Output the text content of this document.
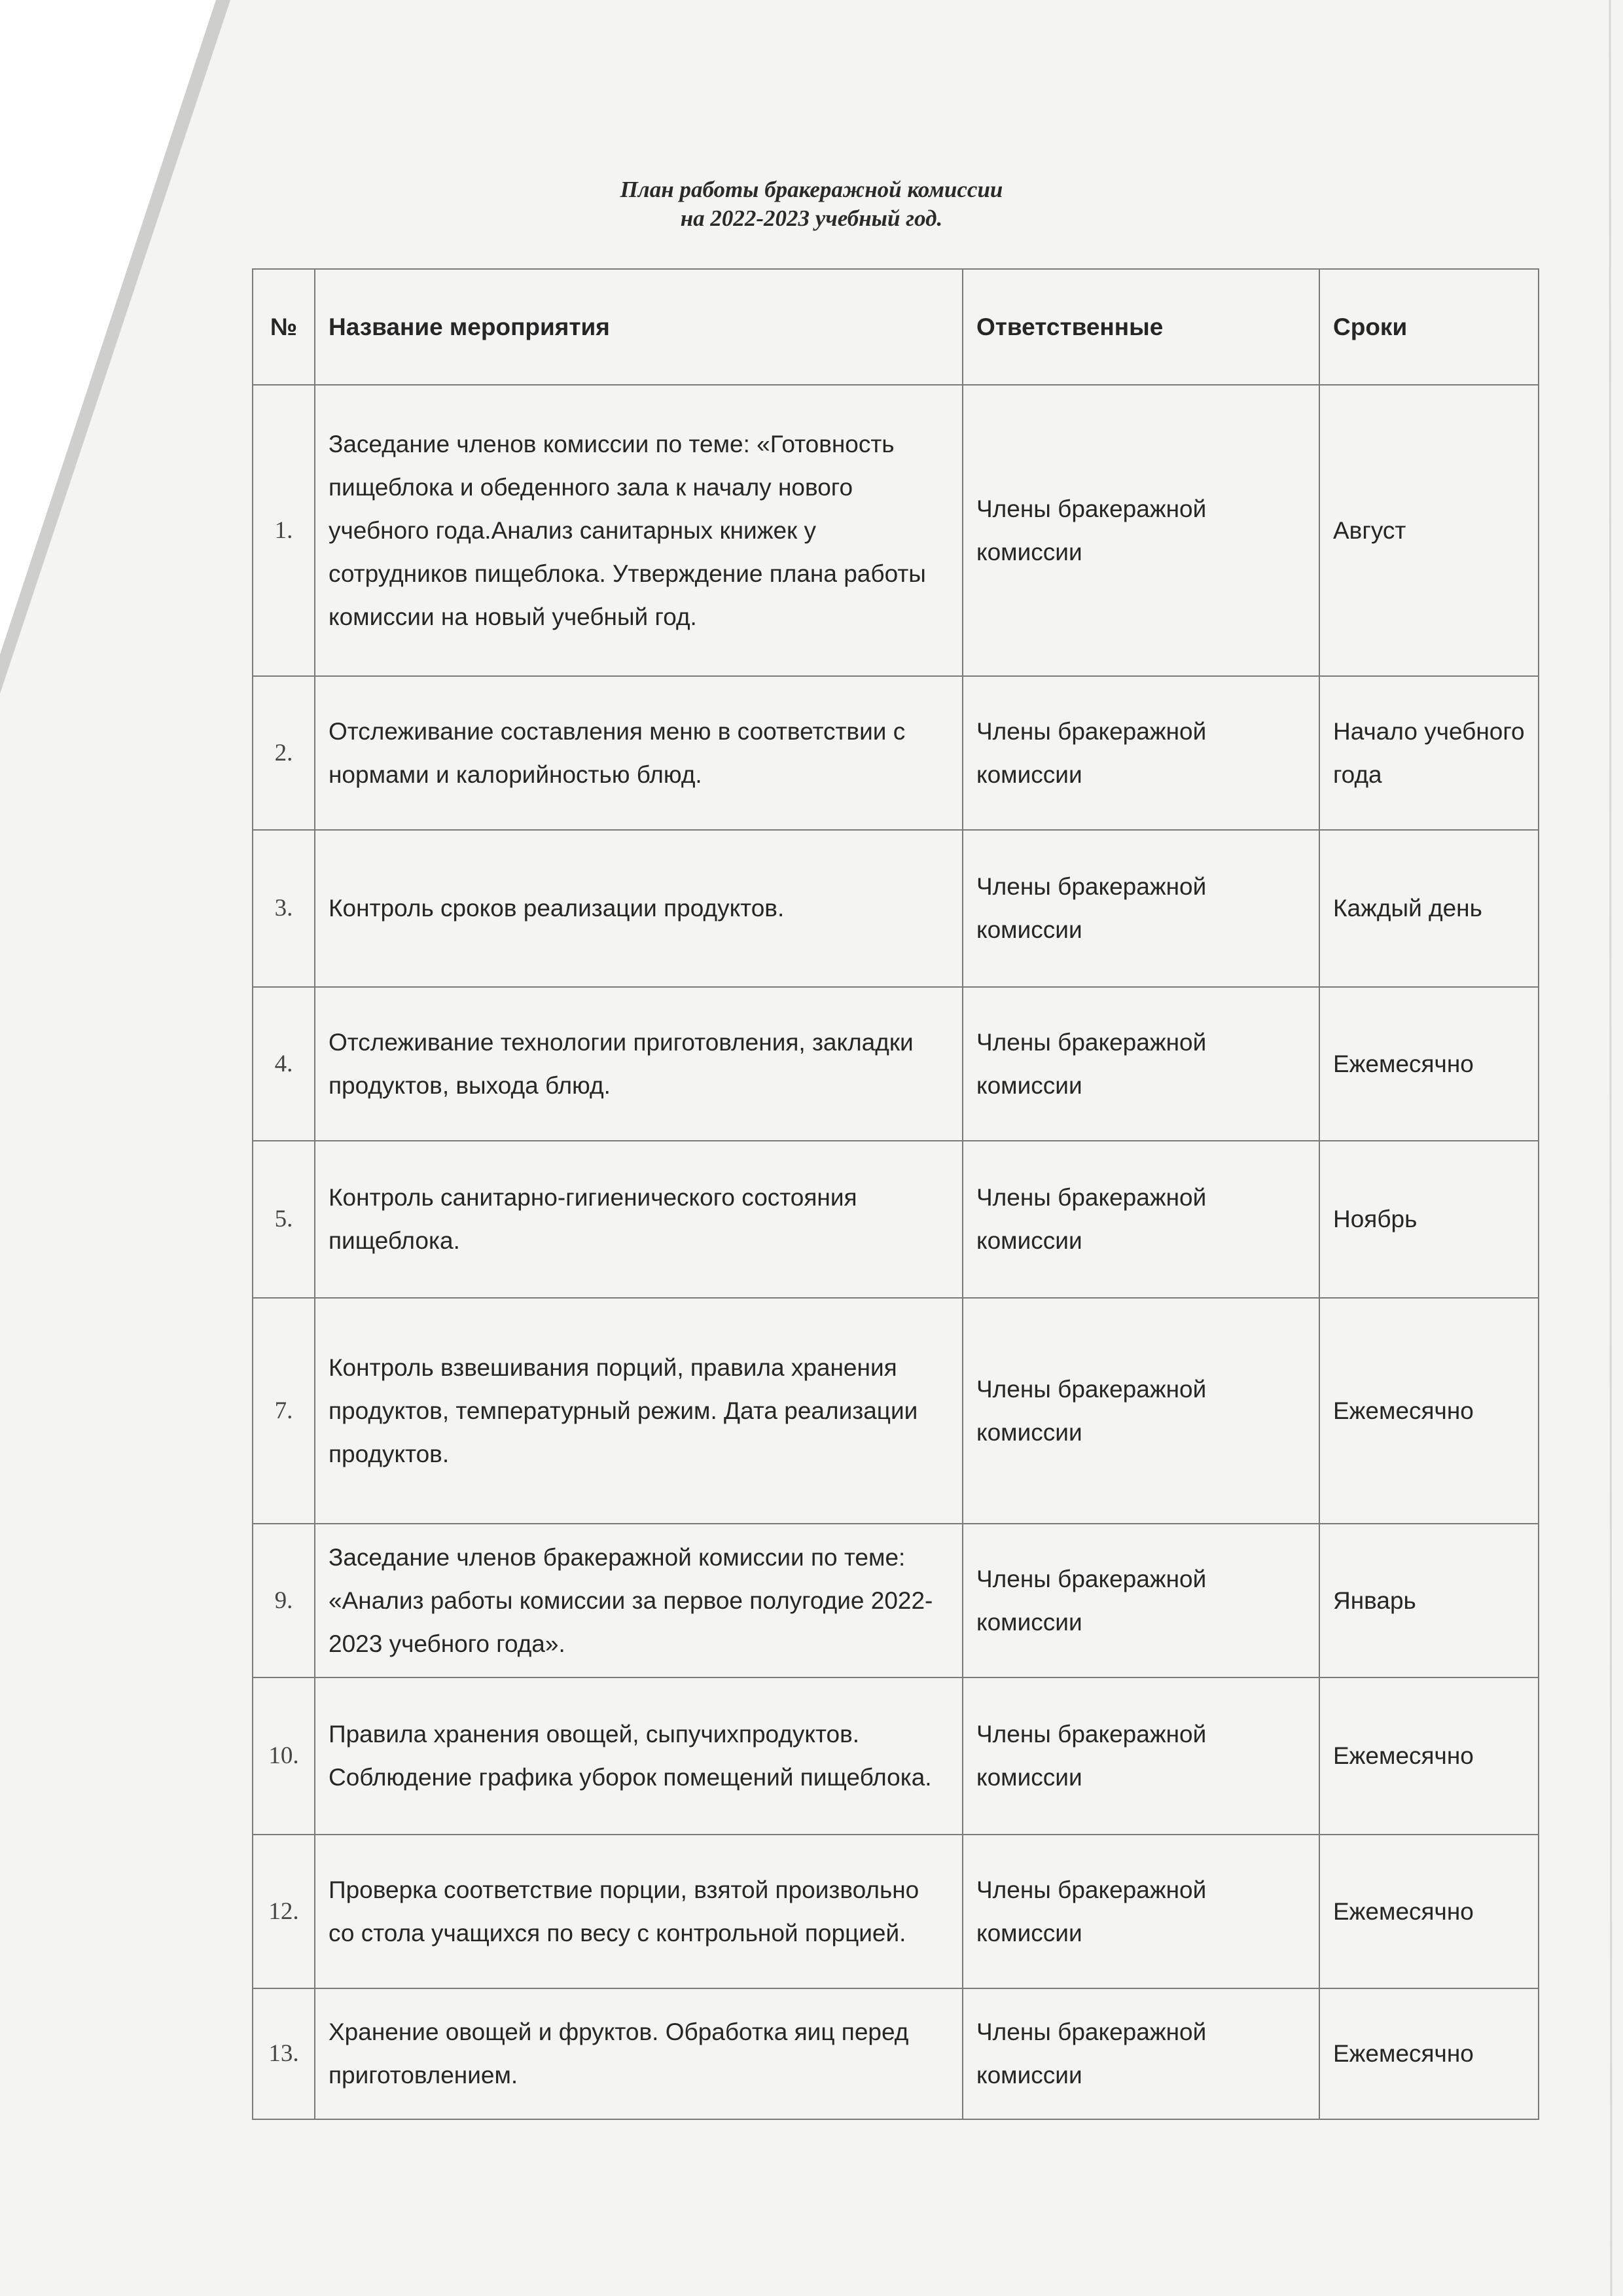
План работы бракеражной комиссии
на 2022-2023 учебный год.
№	Название мероприятия	Ответственные	Сроки
1.	Заседание членов комиссии по теме: «Готовность пищеблока и обеденного зала к началу нового учебного года.Анализ санитарных книжек у сотрудников пищеблока. Утверждение плана работы комиссии на новый учебный год.	Члены бракеражной комиссии	Август
2.	Отслеживание составления меню в соответствии с нормами и калорийностью блюд.	Члены бракеражной комиссии	Начало учебного года
3.	Контроль сроков реализации продуктов.	Члены бракеражной комиссии	Каждый день
4.	Отслеживание технологии приготовления, закладки продуктов, выхода блюд.	Члены бракеражной комиссии	Ежемесячно
5.	Контроль санитарно-гигиенического состояния пищеблока.	Члены бракеражной комиссии	Ноябрь
7.	Контроль взвешивания порций, правила хранения продуктов, температурный режим. Дата реализации продуктов.	Члены бракеражной комиссии	Ежемесячно
9.	Заседание членов бракеражной комиссии по теме: «Анализ работы комиссии за первое полугодие 2022-2023 учебного года».	Члены бракеражной комиссии	Январь
10.	Правила хранения овощей, сыпучихпродуктов. Соблюдение графика уборок помещений пищеблока.	Члены бракеражной комиссии	Ежемесячно
12.	Проверка соответствие порции, взятой произвольно со стола учащихся по весу с контрольной порцией.	Члены бракеражной комиссии	Ежемесячно
13.	Хранение овощей и фруктов. Обработка яиц перед приготовлением.	Члены бракеражной комиссии	Ежемесячно
